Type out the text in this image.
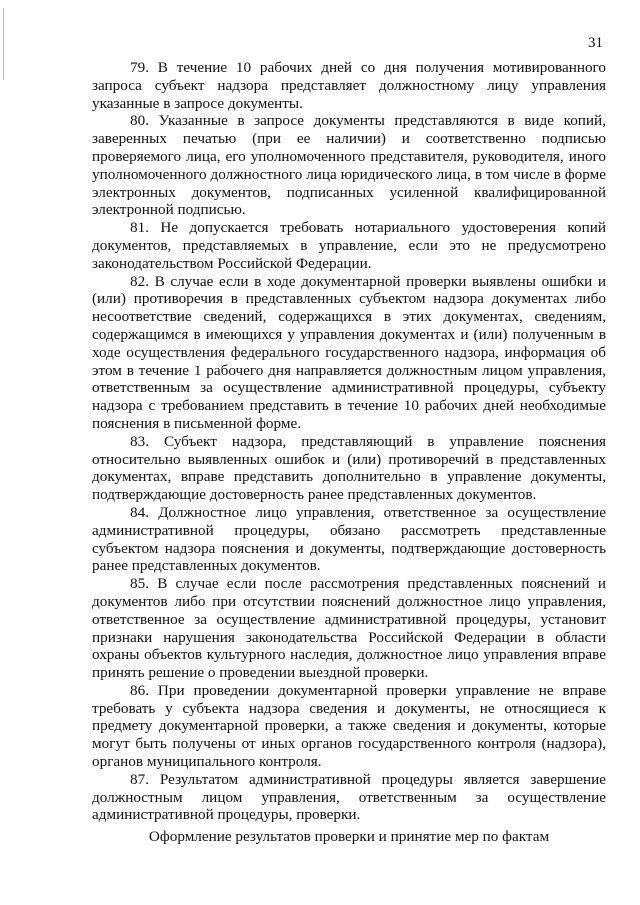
31

79. В течение 10 рабочих дней со дня получения мотивированного запроса субъект надзора представляет должностному лицу управления указанные в запросе документы.

80. Указанные в запросе документы представляются в виде копий, заверенных печатью (при ее наличии) и соответственно подписью проверяемого лица, его уполномоченного представителя, руководителя, иного уполномоченного должностного лица юридического лица, в том числе в форме электронных документов, подписанных усиленной квалифицированной электронной подписью.

81. Не допускается требовать нотариального удостоверения копий документов, представляемых в управление, если это не предусмотрено законодательством Российской Федерации.

82. В случае если в ходе документарной проверки выявлены ошибки и (или) противоречия в представленных субъектом надзора документах либо несоответствие сведений, содержащихся в этих документах, сведениям, содержащимся в имеющихся у управления документах и (или) полученным в ходе осуществления федерального государственного надзора, информация об этом в течение 1 рабочего дня направляется должностным лицом управления, ответственным за осуществление административной процедуры, субъекту надзора с требованием представить в течение 10 рабочих дней необходимые пояснения в письменной форме.

83. Субъект надзора, представляющий в управление пояснения относительно выявленных ошибок и (или) противоречий в представленных документах, вправе представить дополнительно в управление документы, подтверждающие достоверность ранее представленных документов.

84. Должностное лицо управления, ответственное за осуществление административной процедуры, обязано рассмотреть представленные субъектом надзора пояснения и документы, подтверждающие достоверность ранее представленных документов.

85. В случае если после рассмотрения представленных пояснений и документов либо при отсутствии пояснений должностное лицо управления, ответственное за осуществление административной процедуры, установит признаки нарушения законодательства Российской Федерации в области охраны объектов культурного наследия, должностное лицо управления вправе принять решение о проведении выездной проверки.

86. При проведении документарной проверки управление не вправе требовать у субъекта надзора сведения и документы, не относящиеся к предмету документарной проверки, а также сведения и документы, которые могут быть получены от иных органов государственного контроля (надзора), органов муниципального контроля.

87. Результатом административной процедуры является завершение должностным лицом управления, ответственным за осуществление административной процедуры, проверки.

Оформление результатов проверки и принятие мер по фактам
